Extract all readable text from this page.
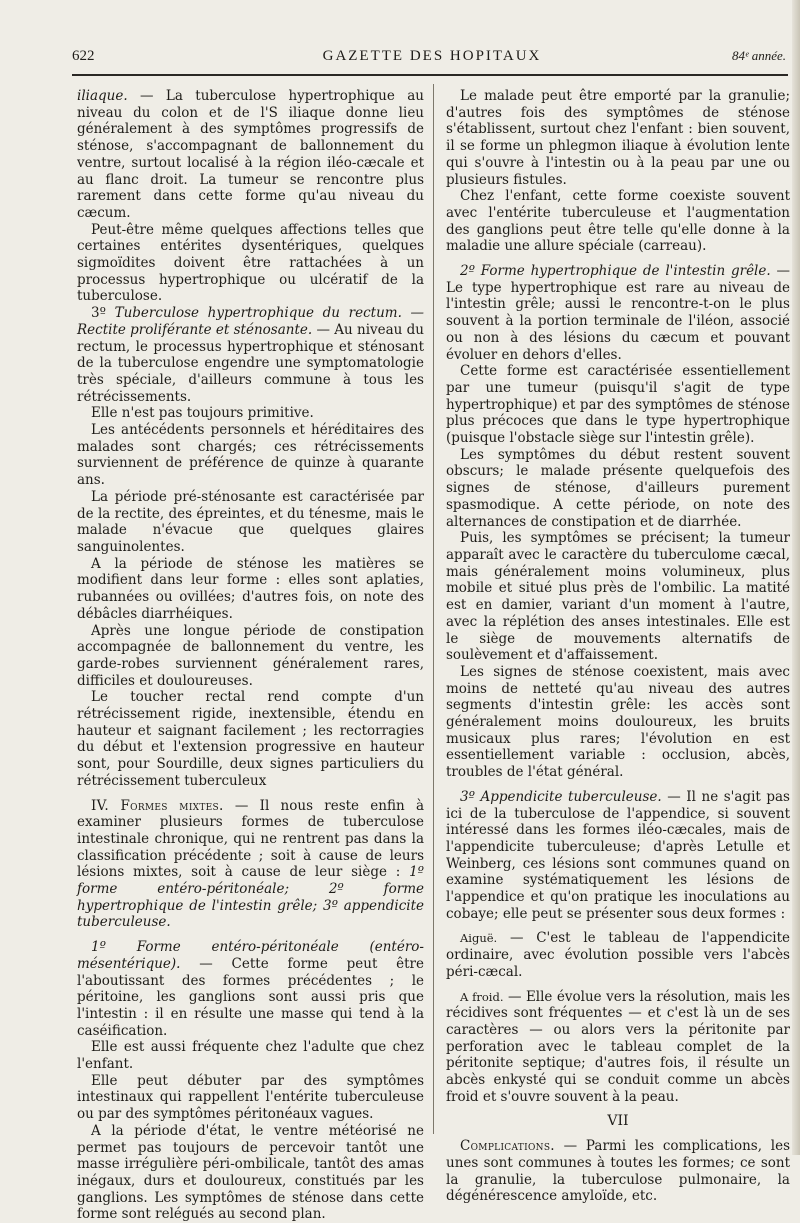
622	GAZETTE DES HOPITAUX	84ᵉ année.

iliaque. — La tuberculose hypertrophique au niveau du colon et de l'S iliaque donne lieu généralement à des symptômes progressifs de sténose, s'accompagnant de ballonnement du ventre, surtout localisé à la région iléo-cæcale et au flanc droit. La tumeur se rencontre plus rarement dans cette forme qu'au niveau du cæcum.

Peut-être même quelques affections telles que certaines entérites dysentériques, quelques sigmoïdites doivent être rattachées à un processus hypertrophique ou ulcératif de la tuberculose.

3º Tuberculose hypertrophique du rectum. — Rectite proliférante et sténosante. — Au niveau du rectum, le processus hypertrophique et sténosant de la tuberculose engendre une symptomatologie très spéciale, d'ailleurs commune à tous les rétrécissements.

Elle n'est pas toujours primitive.

Les antécédents personnels et héréditaires des malades sont chargés; ces rétrécissements surviennent de préférence de quinze à quarante ans.

La période pré-sténosante est caractérisée par de la rectite, des épreintes, et du ténesme, mais le malade n'évacue que quelques glaires sanguinolentes.

A la période de sténose les matières se modifient dans leur forme : elles sont aplaties, rubannées ou ovillées; d'autres fois, on note des débâcles diarrhéiques.

Après une longue période de constipation accompagnée de ballonnement du ventre, les garde-robes surviennent généralement rares, difficiles et douloureuses.

Le toucher rectal rend compte d'un rétrécissement rigide, inextensible, étendu en hauteur et saignant facilement ; les rectorragies du début et l'extension progressive en hauteur sont, pour Sourdille, deux signes particuliers du rétrécissement tuberculeux

IV. Formes mixtes. — Il nous reste enfin à examiner plusieurs formes de tuberculose intestinale chronique, qui ne rentrent pas dans la classification précédente ; soit à cause de leurs lésions mixtes, soit à cause de leur siège : 1º forme entéro-péritonéale; 2º forme hypertrophique de l'intestin grêle; 3º appendicite tuberculeuse.

1º Forme entéro-péritonéale (entéro-mésentérique). — Cette forme peut être l'aboutissant des formes précédentes ; le péritoine, les ganglions sont aussi pris que l'intestin : il en résulte une masse qui tend à la caséification.

Elle est aussi fréquente chez l'adulte que chez l'enfant.

Elle peut débuter par des symptômes intestinaux qui rappellent l'entérite tuberculeuse ou par des symptômes péritonéaux vagues.

A la période d'état, le ventre météorisé ne permet pas toujours de percevoir tantôt une masse irrégulière péri-ombilicale, tantôt des amas inégaux, durs et douloureux, constitués par les ganglions. Les symptômes de sténose dans cette forme sont relégués au second plan.

Le malade peut être emporté par la granulie; d'autres fois des symptômes de sténose s'établissent, surtout chez l'enfant : bien souvent, il se forme un phlegmon iliaque à évolution lente qui s'ouvre à l'intestin ou à la peau par une ou plusieurs fistules.

Chez l'enfant, cette forme coexiste souvent avec l'entérite tuberculeuse et l'augmentation des ganglions peut être telle qu'elle donne à la maladie une allure spéciale (carreau).

2º Forme hypertrophique de l'intestin grêle. — Le type hypertrophique est rare au niveau de l'intestin grêle; aussi le rencontre-t-on le plus souvent à la portion terminale de l'iléon, associé ou non à des lésions du cæcum et pouvant évoluer en dehors d'elles.

Cette forme est caractérisée essentiellement par une tumeur (puisqu'il s'agit de type hypertrophique) et par des symptômes de sténose plus précoces que dans le type hypertrophique (puisque l'obstacle siège sur l'intestin grêle).

Les symptômes du début restent souvent obscurs; le malade présente quelquefois des signes de sténose, d'ailleurs purement spasmodique. A cette période, on note des alternances de constipation et de diarrhée.

Puis, les symptômes se précisent; la tumeur apparaît avec le caractère du tuberculome cæcal, mais généralement moins volumineux, plus mobile et situé plus près de l'ombilic. La matité est en damier, variant d'un moment à l'autre, avec la réplétion des anses intestinales. Elle est le siège de mouvements alternatifs de soulèvement et d'affaissement.

Les signes de sténose coexistent, mais avec moins de netteté qu'au niveau des autres segments d'intestin grêle: les accès sont généralement moins douloureux, les bruits musicaux plus rares; l'évolution en est essentiellement variable : occlusion, abcès, troubles de l'état général.

3º Appendicite tuberculeuse. — Il ne s'agit pas ici de la tuberculose de l'appendice, si souvent intéressé dans les formes iléo-cæcales, mais de l'appendicite tuberculeuse; d'après Letulle et Weinberg, ces lésions sont communes quand on examine systématiquement les lésions de l'appendice et qu'on pratique les inoculations au cobaye; elle peut se présenter sous deux formes :

Aiguë. — C'est le tableau de l'appendicite ordinaire, avec évolution possible vers l'abcès péri-cæcal.

A froid. — Elle évolue vers la résolution, mais les récidives sont fréquentes — et c'est là un de ses caractères — ou alors vers la péritonite par perforation avec le tableau complet de la péritonite septique; d'autres fois, il résulte un abcès enkysté qui se conduit comme un abcès froid et s'ouvre souvent à la peau.

VII

Complications. — Parmi les complications, les unes sont communes à toutes les formes; ce sont la granulie, la tuberculose pulmonaire, la dégénérescence amyloïde, etc.
